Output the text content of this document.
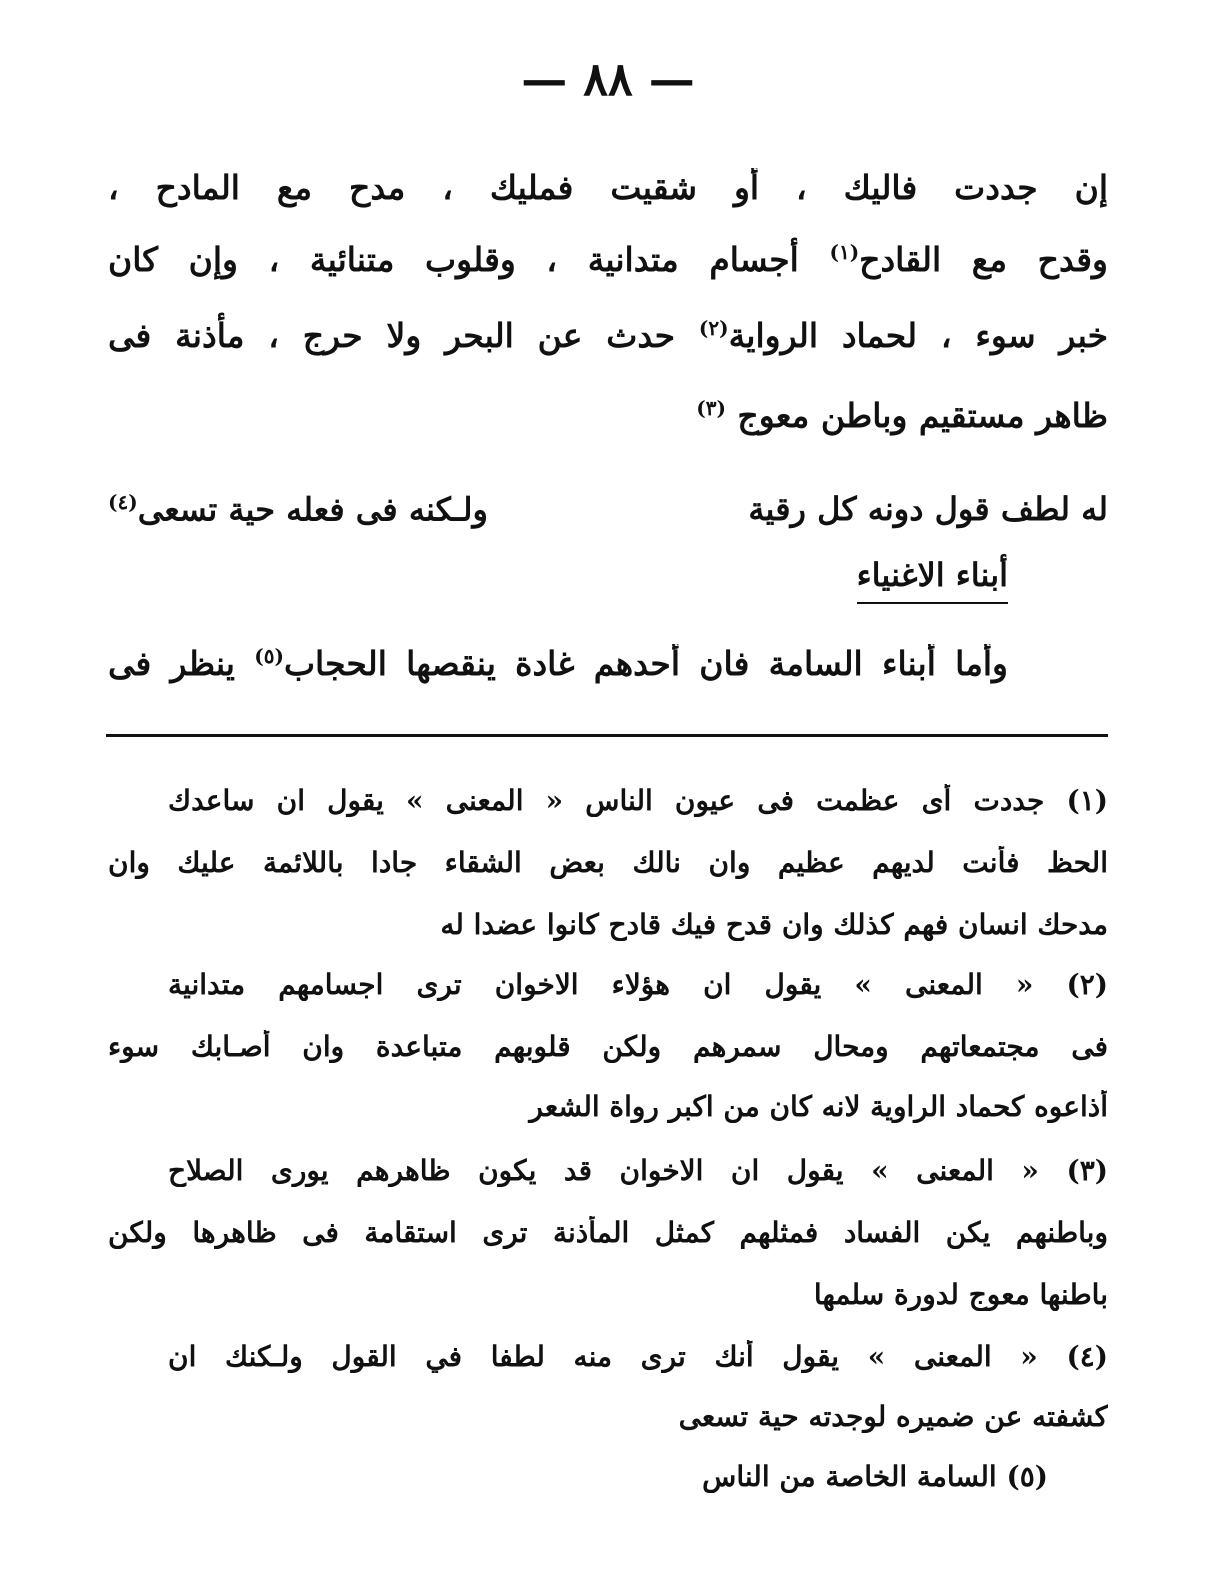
— ٨٨ —
إن جددت فاليك ، أو شقيت فمليك ، مدح مع المادح ،
وقدح مع القادح$^{(١)}$ أجسام متدانية ، وقلوب متنائية ، وإن كان
خبر سوء ، لحماد الرواية$^{(٢)}$ حدث عن البحر ولا حرج ، مأذنة فى
ظاهر مستقيم وباطن معوج $^{(٣)}$
له لطف قول دونه كل رقية
ولـكنه فى فعله حية تسعى$^{(٤)}$
أبناء الاغنياء
وأما أبناء السامة فان أحدهم غادة ينقصها الحجاب$^{(٥)}$ ينظر فى
(١) جددت أى عظمت فى عيون الناس « المعنى » يقول ان ساعدك
الحظ فأنت لديهم عظيم وان نالك بعض الشقاء جادا باللائمة عليك وان
مدحك انسان فهم كذلك وان قدح فيك قادح كانوا عضدا له
(٢) « المعنى » يقول ان هؤلاء الاخوان ترى اجسامهم متدانية
فى مجتمعاتهم ومحال سمرهم ولكن قلوبهم متباعدة وان أصـابك سوء
أذاعوه كحماد الراوية لانه كان من اكبر رواة الشعر
(٣) « المعنى » يقول ان الاخوان قد يكون ظاهرهم يورى الصلاح
وباطنهم يكن الفساد فمثلهم كمثل المأذنة ترى استقامة فى ظاهرها ولكن
باطنها معوج لدورة سلمها
(٤) « المعنى » يقول أنك ترى منه لطفا في القول ولـكنك ان
كشفته عن ضميره لوجدته حية تسعى
(٥) السامة الخاصة من الناس
